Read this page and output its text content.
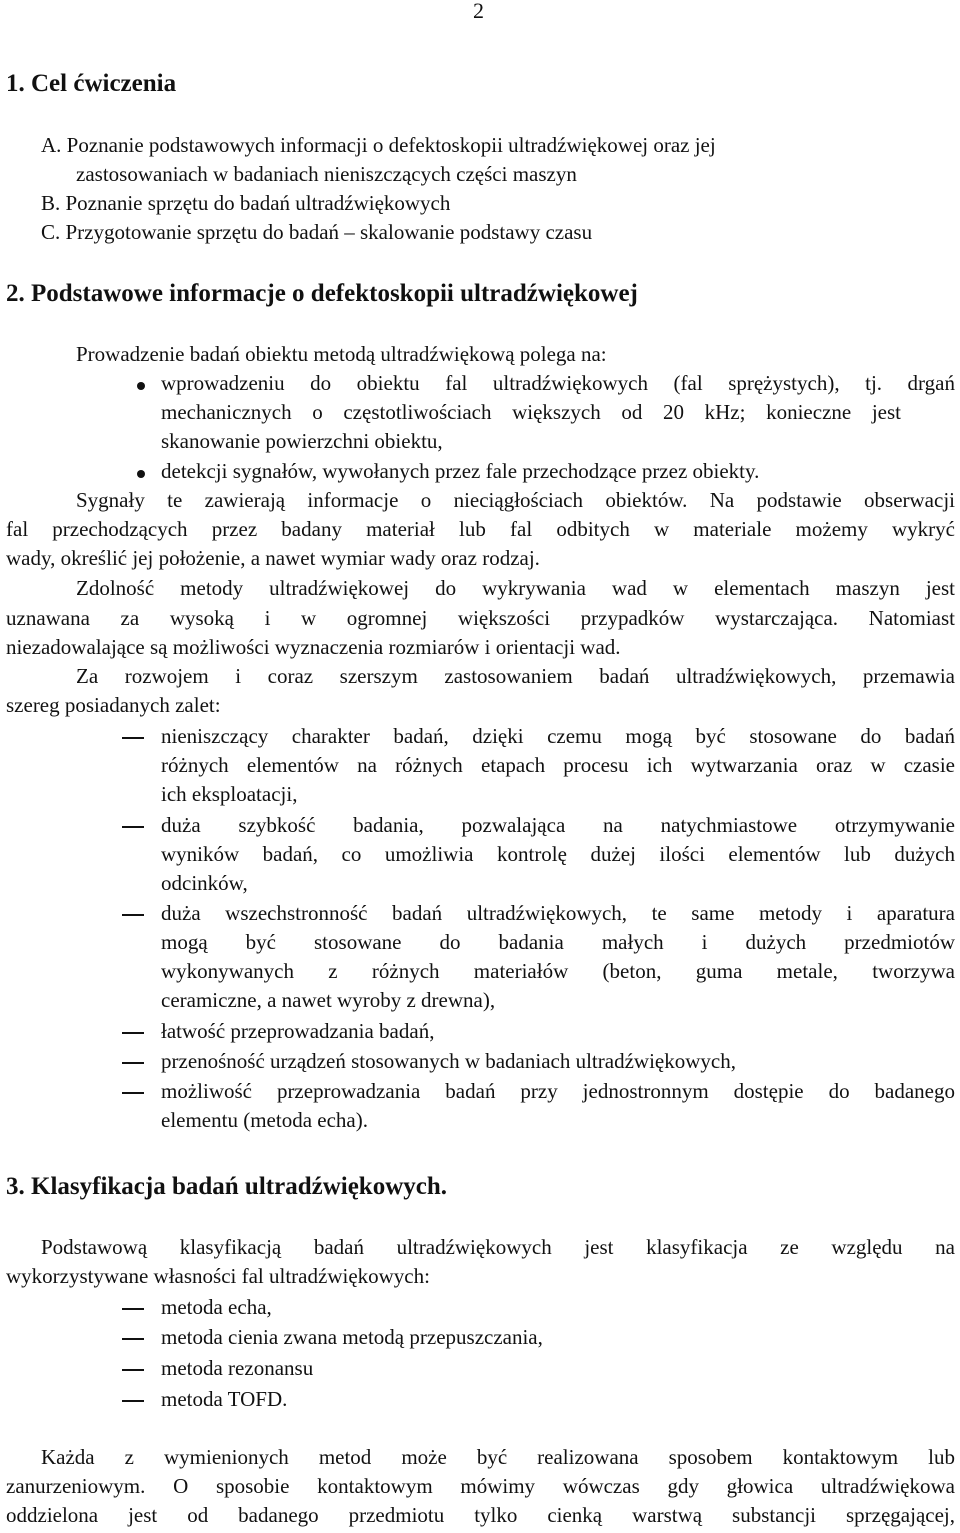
2
1. Cel ćwiczenia
A. Poznanie podstawowych informacji o defektoskopii ultradźwiękowej oraz jej
zastosowaniach w badaniach nieniszczących części maszyn
B. Poznanie sprzętu do badań ultradźwiękowych
C. Przygotowanie sprzętu do badań – skalowanie podstawy czasu
2. Podstawowe informacje o defektoskopii ultradźwiękowej
Prowadzenie badań obiektu metodą ultradźwiękową polega na:
wprowadzeniu do obiektu fal ultradźwiękowych (fal sprężystych), tj. drgań
mechanicznych o częstotliwościach większych od 20 kHz; konieczne jest
skanowanie powierzchni obiektu,
detekcji sygnałów, wywołanych przez fale przechodzące przez obiekty.
Sygnały te zawierają informacje o nieciągłościach obiektów. Na podstawie obserwacji
fal przechodzących przez badany materiał lub fal odbitych w materiale możemy wykryć
wady, określić jej położenie, a nawet wymiar wady oraz rodzaj.
Zdolność metody ultradźwiękowej do wykrywania wad w elementach maszyn jest
uznawana za wysoką i w ogromnej większości przypadków wystarczająca. Natomiast
niezadowalające są możliwości wyznaczenia rozmiarów i orientacji wad.
Za rozwojem i coraz szerszym zastosowaniem badań ultradźwiękowych, przemawia
szereg posiadanych zalet:
nieniszczący charakter badań, dzięki czemu mogą być stosowane do badań
różnych elementów na różnych etapach procesu ich wytwarzania oraz w czasie
ich eksploatacji,
duża szybkość badania, pozwalająca na natychmiastowe otrzymywanie
wyników badań, co umożliwia kontrolę dużej ilości elementów lub dużych
odcinków,
duża wszechstronność badań ultradźwiękowych, te same metody i aparatura
mogą być stosowane do badania małych i dużych przedmiotów
wykonywanych z różnych materiałów (beton, guma metale, tworzywa
ceramiczne, a nawet wyroby z drewna),
łatwość przeprowadzania badań,
przenośność urządzeń stosowanych w badaniach ultradźwiękowych,
możliwość przeprowadzania badań przy jednostronnym dostępie do badanego
elementu (metoda echa).
3. Klasyfikacja badań ultradźwiękowych.
Podstawową klasyfikacją badań ultradźwiękowych jest klasyfikacja ze względu na
wykorzystywane własności fal ultradźwiękowych:
metoda echa,
metoda cienia zwana metodą przepuszczania,
metoda rezonansu
metoda TOFD.
Każda z wymienionych metod może być realizowana sposobem kontaktowym lub
zanurzeniowym. O sposobie kontaktowym mówimy wówczas gdy głowica ultradźwiękowa
oddzielona jest od badanego przedmiotu tylko cienką warstwą substancji sprzęgającej,
